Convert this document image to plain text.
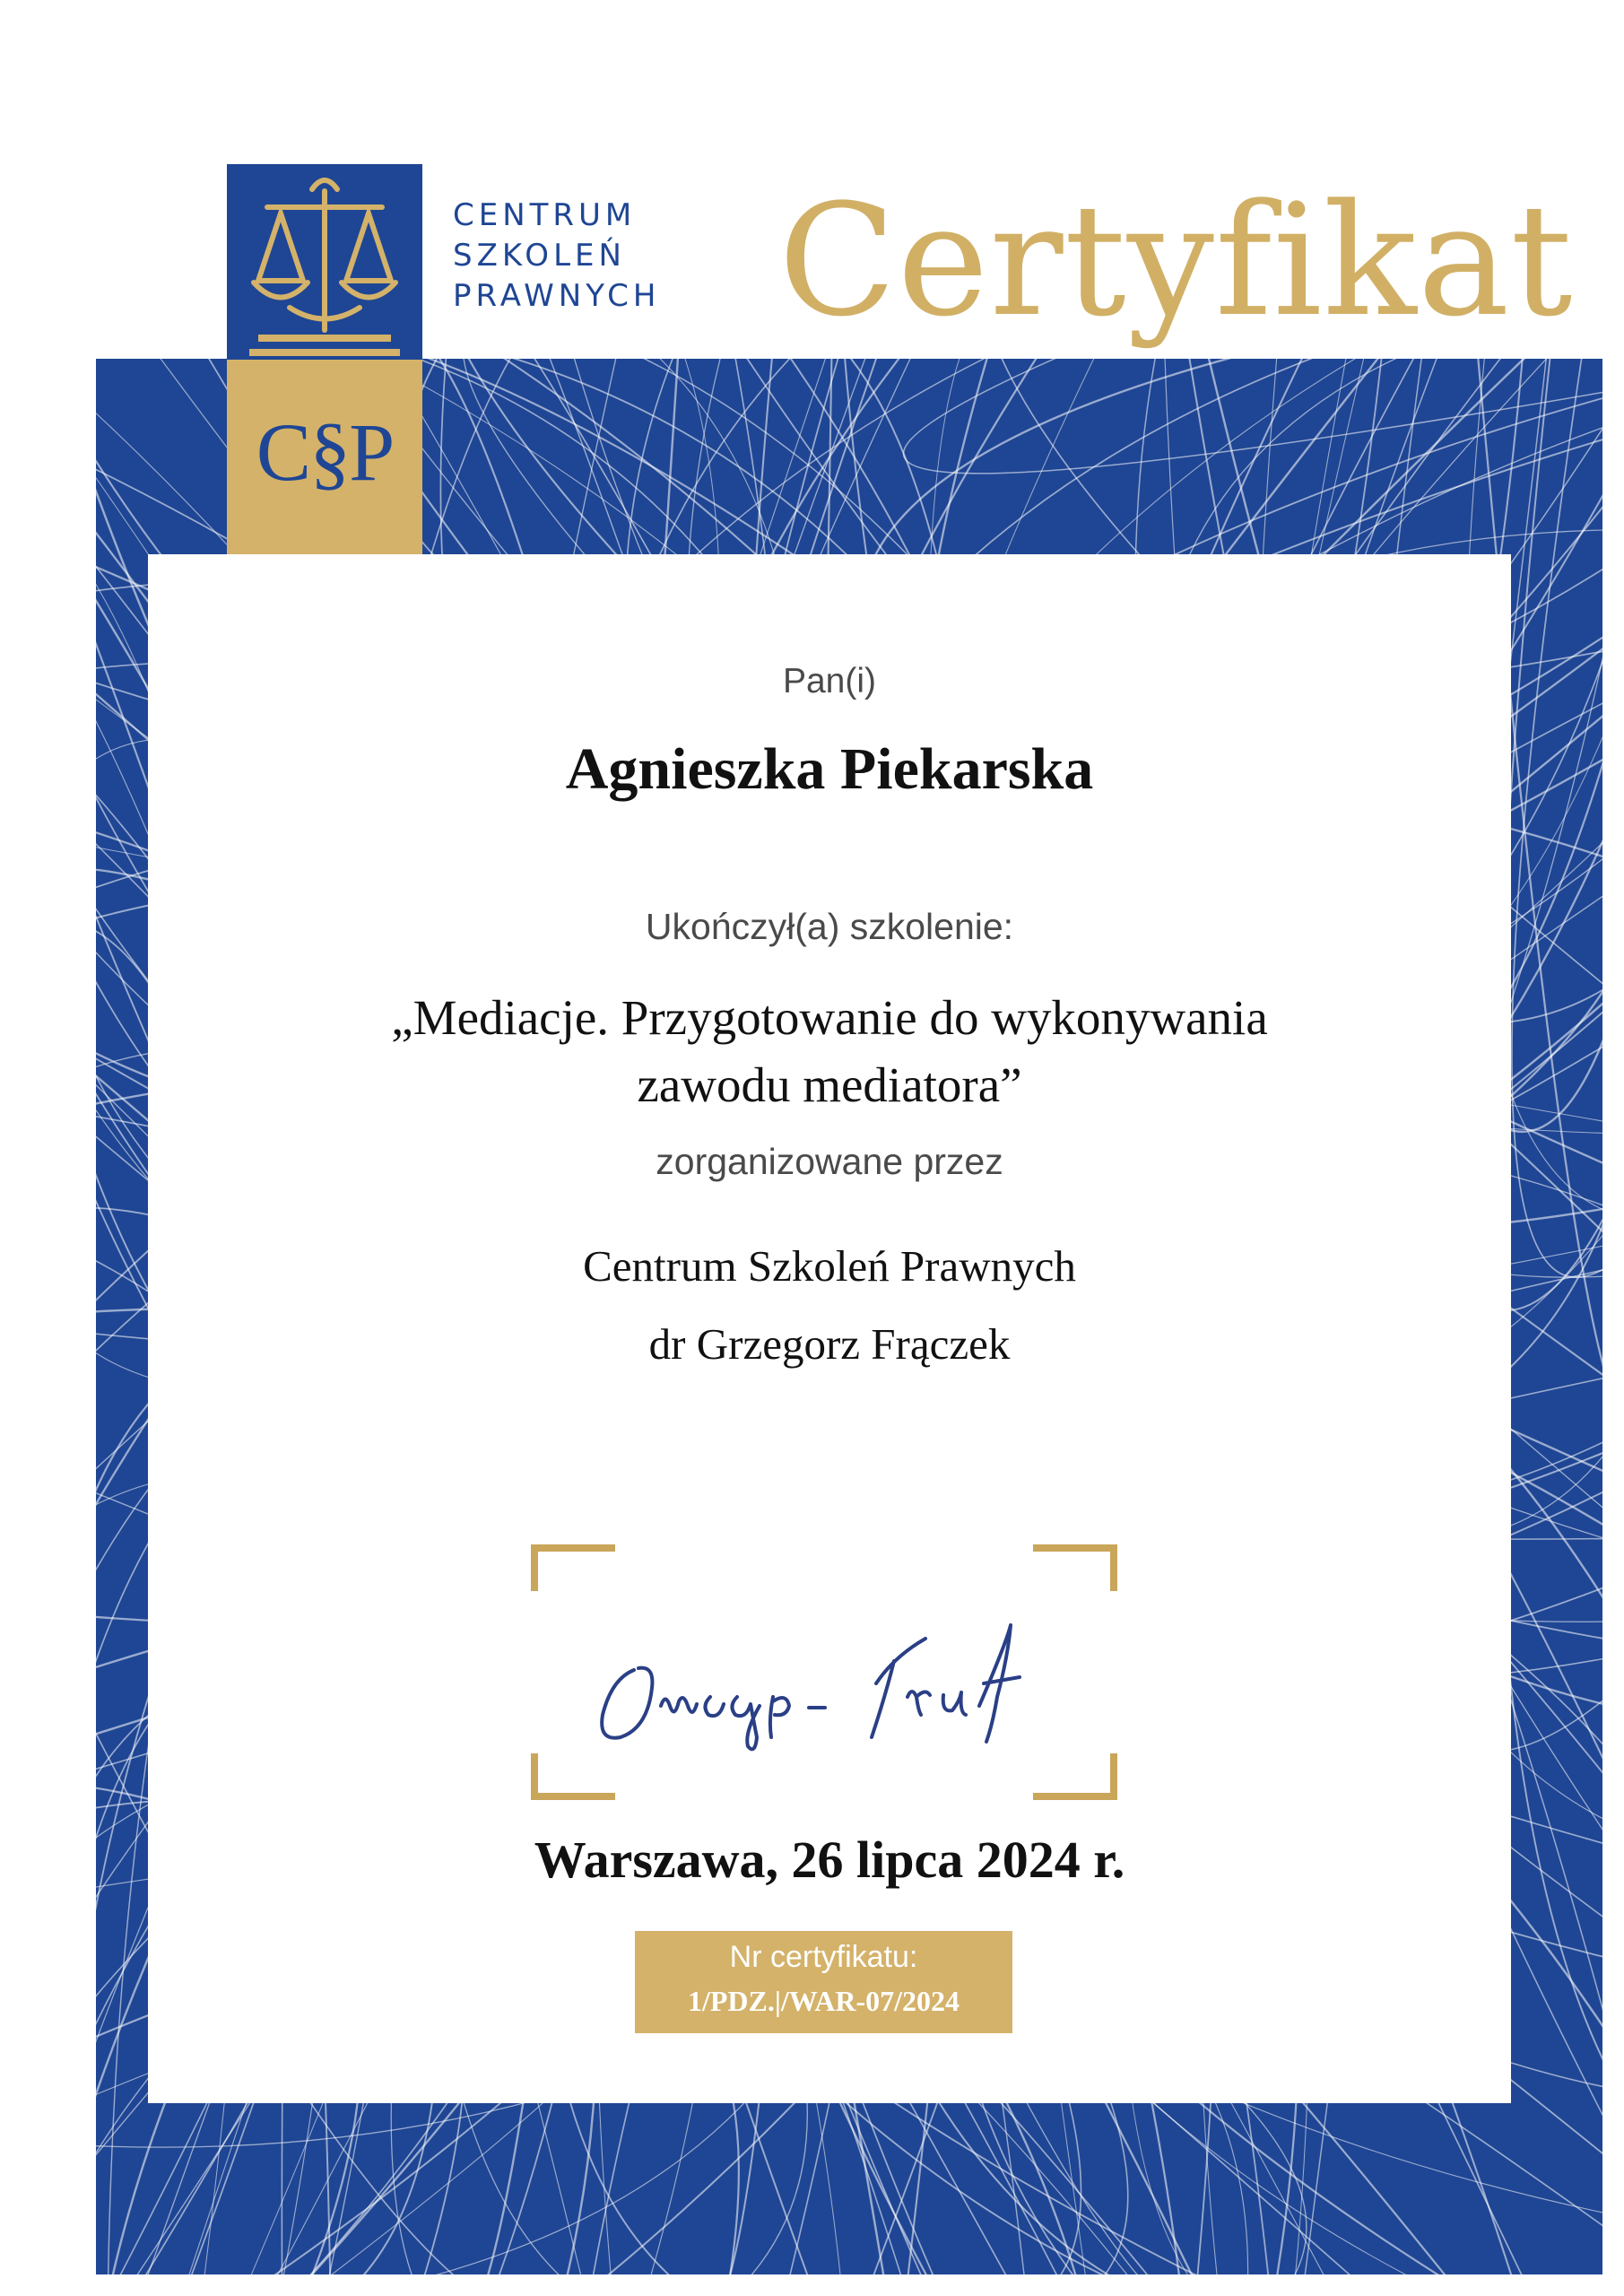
C§P
CENTRUM
SZKOLEŃ
PRAWNYCH Certyfikat
Pan(i)
Agnieszka Piekarska
Ukończył(a) szkolenie:
„Mediacje. Przygotowanie do wykonywania
zawodu mediatora”
zorganizowane przez
Centrum Szkoleń Prawnych
dr Grzegorz Frączek
Warszawa, 26 lipca 2024 r.
Nr certyfikatu:
1/PDZ.|/WAR-07/2024
